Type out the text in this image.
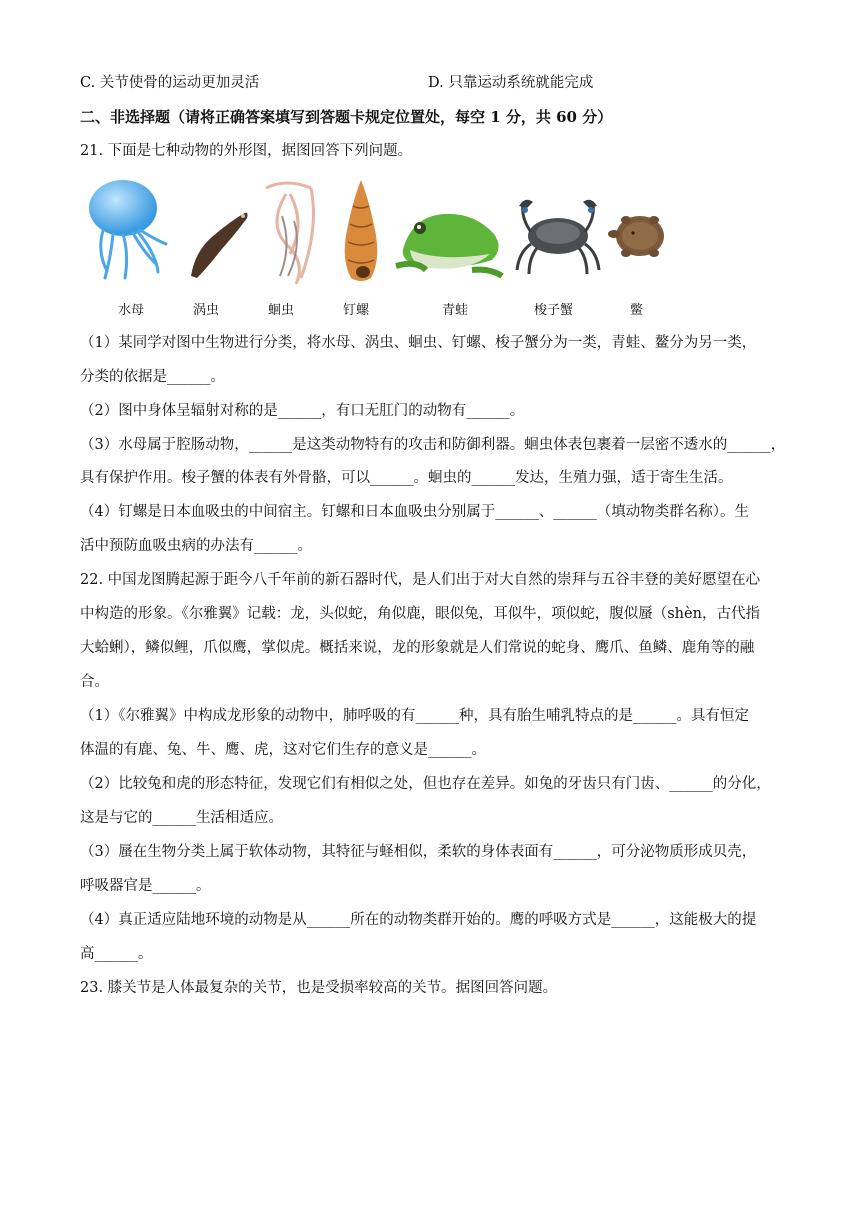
C. 关节使骨的运动更加灵活	D. 只靠运动系统就能完成
二、非选择题（请将正确答案填写到答题卡规定位置处，每空 1 分，共 60 分）
21. 下面是七种动物的外形图，据图回答下列问题。
水母	涡虫	蛔虫	钉螺	青蛙	梭子蟹	鳖
（1）某同学对图中生物进行分类，将水母、涡虫、蛔虫、钉螺、梭子蟹分为一类，青蛙、鳌分为另一类，
分类的依据是______。
（2）图中身体呈辐射对称的是______，有口无肛门的动物有______。
（3）水母属于腔肠动物，______是这类动物特有的攻击和防御利器。蛔虫体表包裹着一层密不透水的______，
具有保护作用。梭子蟹的体表有外骨骼，可以______。蛔虫的______发达，生殖力强，适于寄生生活。
（4）钉螺是日本血吸虫的中间宿主。钉螺和日本血吸虫分别属于______、______（填动物类群名称）。生
活中预防血吸虫病的办法有______。
22. 中国龙图腾起源于距今八千年前的新石器时代，是人们出于对大自然的崇拜与五谷丰登的美好愿望在心
中构造的形象。《尔雅翼》记载：龙，头似蛇，角似鹿，眼似兔，耳似牛，项似蛇，腹似蜃（shèn，古代指
大蛤蜊），鳞似鲤，爪似鹰，掌似虎。概括来说，龙的形象就是人们常说的蛇身、鹰爪、鱼鳞、鹿角等的融
合。
（1）《尔雅翼》中构成龙形象的动物中，肺呼吸的有______种，具有胎生哺乳特点的是______。具有恒定
体温的有鹿、兔、牛、鹰、虎，这对它们生存的意义是______。
（2）比较兔和虎的形态特征，发现它们有相似之处，但也存在差异。如兔的牙齿只有门齿、______的分化，
这是与它的______生活相适应。
（3）蜃在生物分类上属于软体动物，其特征与蛏相似，柔软的身体表面有______，可分泌物质形成贝壳，
呼吸器官是______。
（4）真正适应陆地环境的动物是从______所在的动物类群开始的。鹰的呼吸方式是______，这能极大的提
高______。
23. 膝关节是人体最复杂的关节，也是受损率较高的关节。据图回答问题。
